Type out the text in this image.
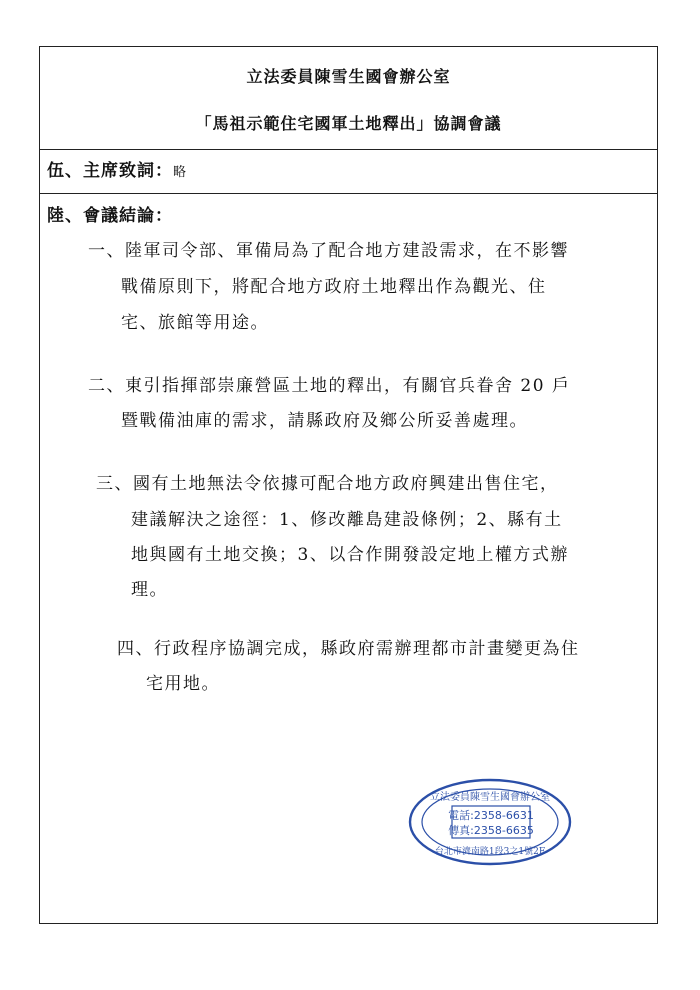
立法委員陳雪生國會辦公室
「馬祖示範住宅國軍土地釋出」協調會議
伍、主席致詞：略
陸、會議結論：
一、陸軍司令部、軍備局為了配合地方建設需求，在不影響
戰備原則下，將配合地方政府土地釋出作為觀光、住
宅、旅館等用途。
二、東引指揮部崇廉營區土地的釋出，有關官兵眷舍 20 戶
暨戰備油庫的需求，請縣政府及鄉公所妥善處理。
三、國有土地無法令依據可配合地方政府興建出售住宅，
建議解決之途徑：1、修改離島建設條例；2、縣有土
地與國有土地交換；3、以合作開發設定地上權方式辦
理。
四、行政程序協調完成，縣政府需辦理都市計畫變更為住
宅用地。
立法委員陳雪生國會辦公室
電話:2358-6631
傳真:2358-6635
台北市濟南路1段3之1號2F
